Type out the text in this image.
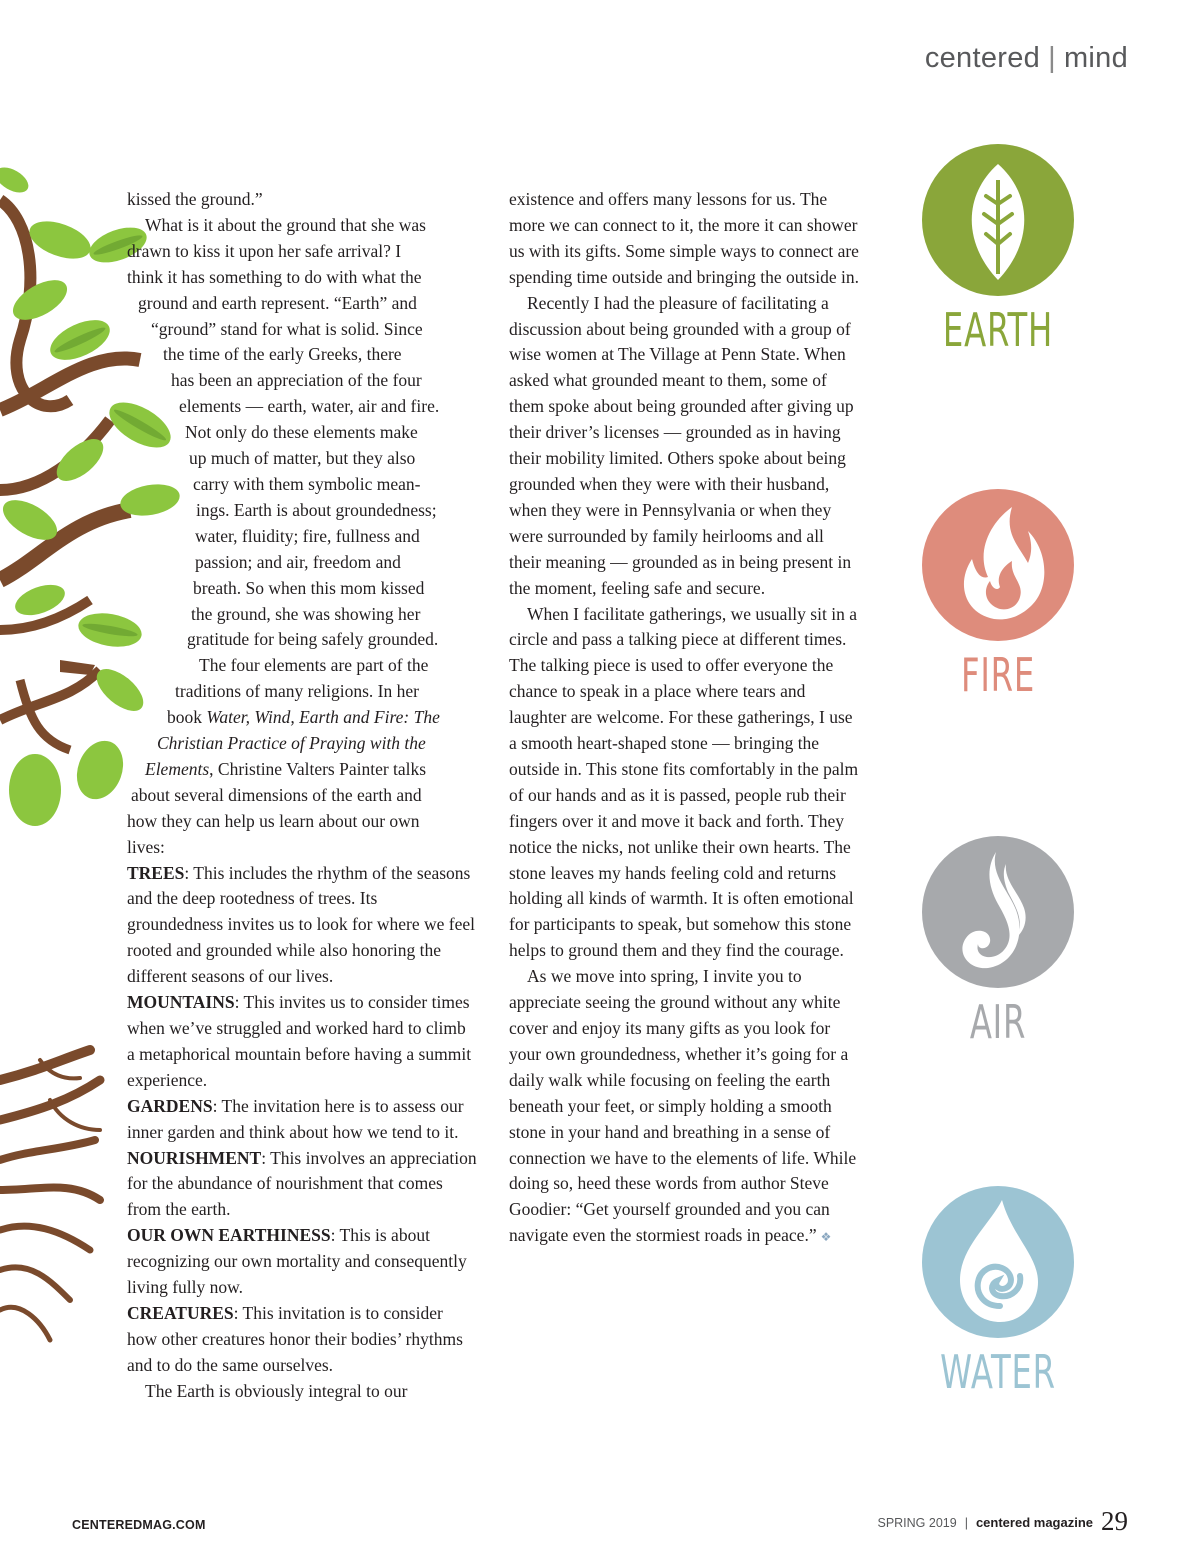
centered | mind

kissed the ground.”

What is it about the ground that she was
drawn to kiss it upon her safe arrival? I
think it has something to do with what the
ground and earth represent. “Earth” and
“ground” stand for what is solid. Since
the time of the early Greeks, there
has been an appreciation of the four
elements — earth, water, air and fire.
Not only do these elements make
up much of matter, but they also
carry with them symbolic mean-
ings. Earth is about groundedness;
water, fluidity; fire, fullness and
passion; and air, freedom and
breath. So when this mom kissed
the ground, she was showing her
gratitude for being safely grounded.
The four elements are part of the
traditions of many religions. In her
book Water, Wind, Earth and Fire: The
Christian Practice of Praying with the
Elements, Christine Valters Painter talks
about several dimensions of the earth and
how they can help us learn about our own
lives:

TREES: This includes the rhythm of the seasons and the deep rootedness of trees. Its groundedness invites us to look for where we feel rooted and grounded while also honoring the different seasons of our lives.

MOUNTAINS: This invites us to consider times when we’ve struggled and worked hard to climb a metaphorical mountain before having a summit experience.

GARDENS: The invitation here is to assess our inner garden and think about how we tend to it.

NOURISHMENT: This involves an appreciation for the abundance of nourishment that comes from the earth.

OUR OWN EARTHINESS: This is about recognizing our own mortality and consequently living fully now.

CREATURES: This invitation is to consider how other creatures honor their bodies’ rhythms and to do the same ourselves.

The Earth is obviously integral to our

existence and offers many lessons for us. The more we can connect to it, the more it can shower us with its gifts. Some simple ways to connect are spending time outside and bringing the outside in.

Recently I had the pleasure of facilitating a discussion about being grounded with a group of wise women at The Village at Penn State. When asked what grounded meant to them, some of them spoke about being grounded after giving up their driver’s licenses — grounded as in having their mobility limited. Others spoke about being grounded when they were with their husband, when they were in Pennsylvania or when they were surrounded by family heirlooms and all their meaning — grounded as in being present in the moment, feeling safe and secure.

When I facilitate gatherings, we usually sit in a circle and pass a talking piece at different times. The talking piece is used to offer everyone the chance to speak in a place where tears and laughter are welcome. For these gatherings, I use a smooth heart-shaped stone — bringing the outside in. This stone fits comfortably in the palm of our hands and as it is passed, people rub their fingers over it and move it back and forth. They notice the nicks, not unlike their own hearts. The stone leaves my hands feeling cold and returns holding all kinds of warmth. It is often emotional for participants to speak, but somehow this stone helps to ground them and they find the courage.

As we move into spring, I invite you to appreciate seeing the ground without any white cover and enjoy its many gifts as you look for your own groundedness, whether it’s going for a daily walk while focusing on feeling the earth beneath your feet, or simply holding a smooth stone in your hand and breathing in a sense of connection we have to the elements of life. While doing so, heed these words from author Steve Goodier: “Get yourself grounded and you can navigate even the stormiest roads in peace.” ❖

EARTH
FIRE
AIR
WATER
CENTEREDMAG.COM	SPRING 2019 | centered magazine 29
